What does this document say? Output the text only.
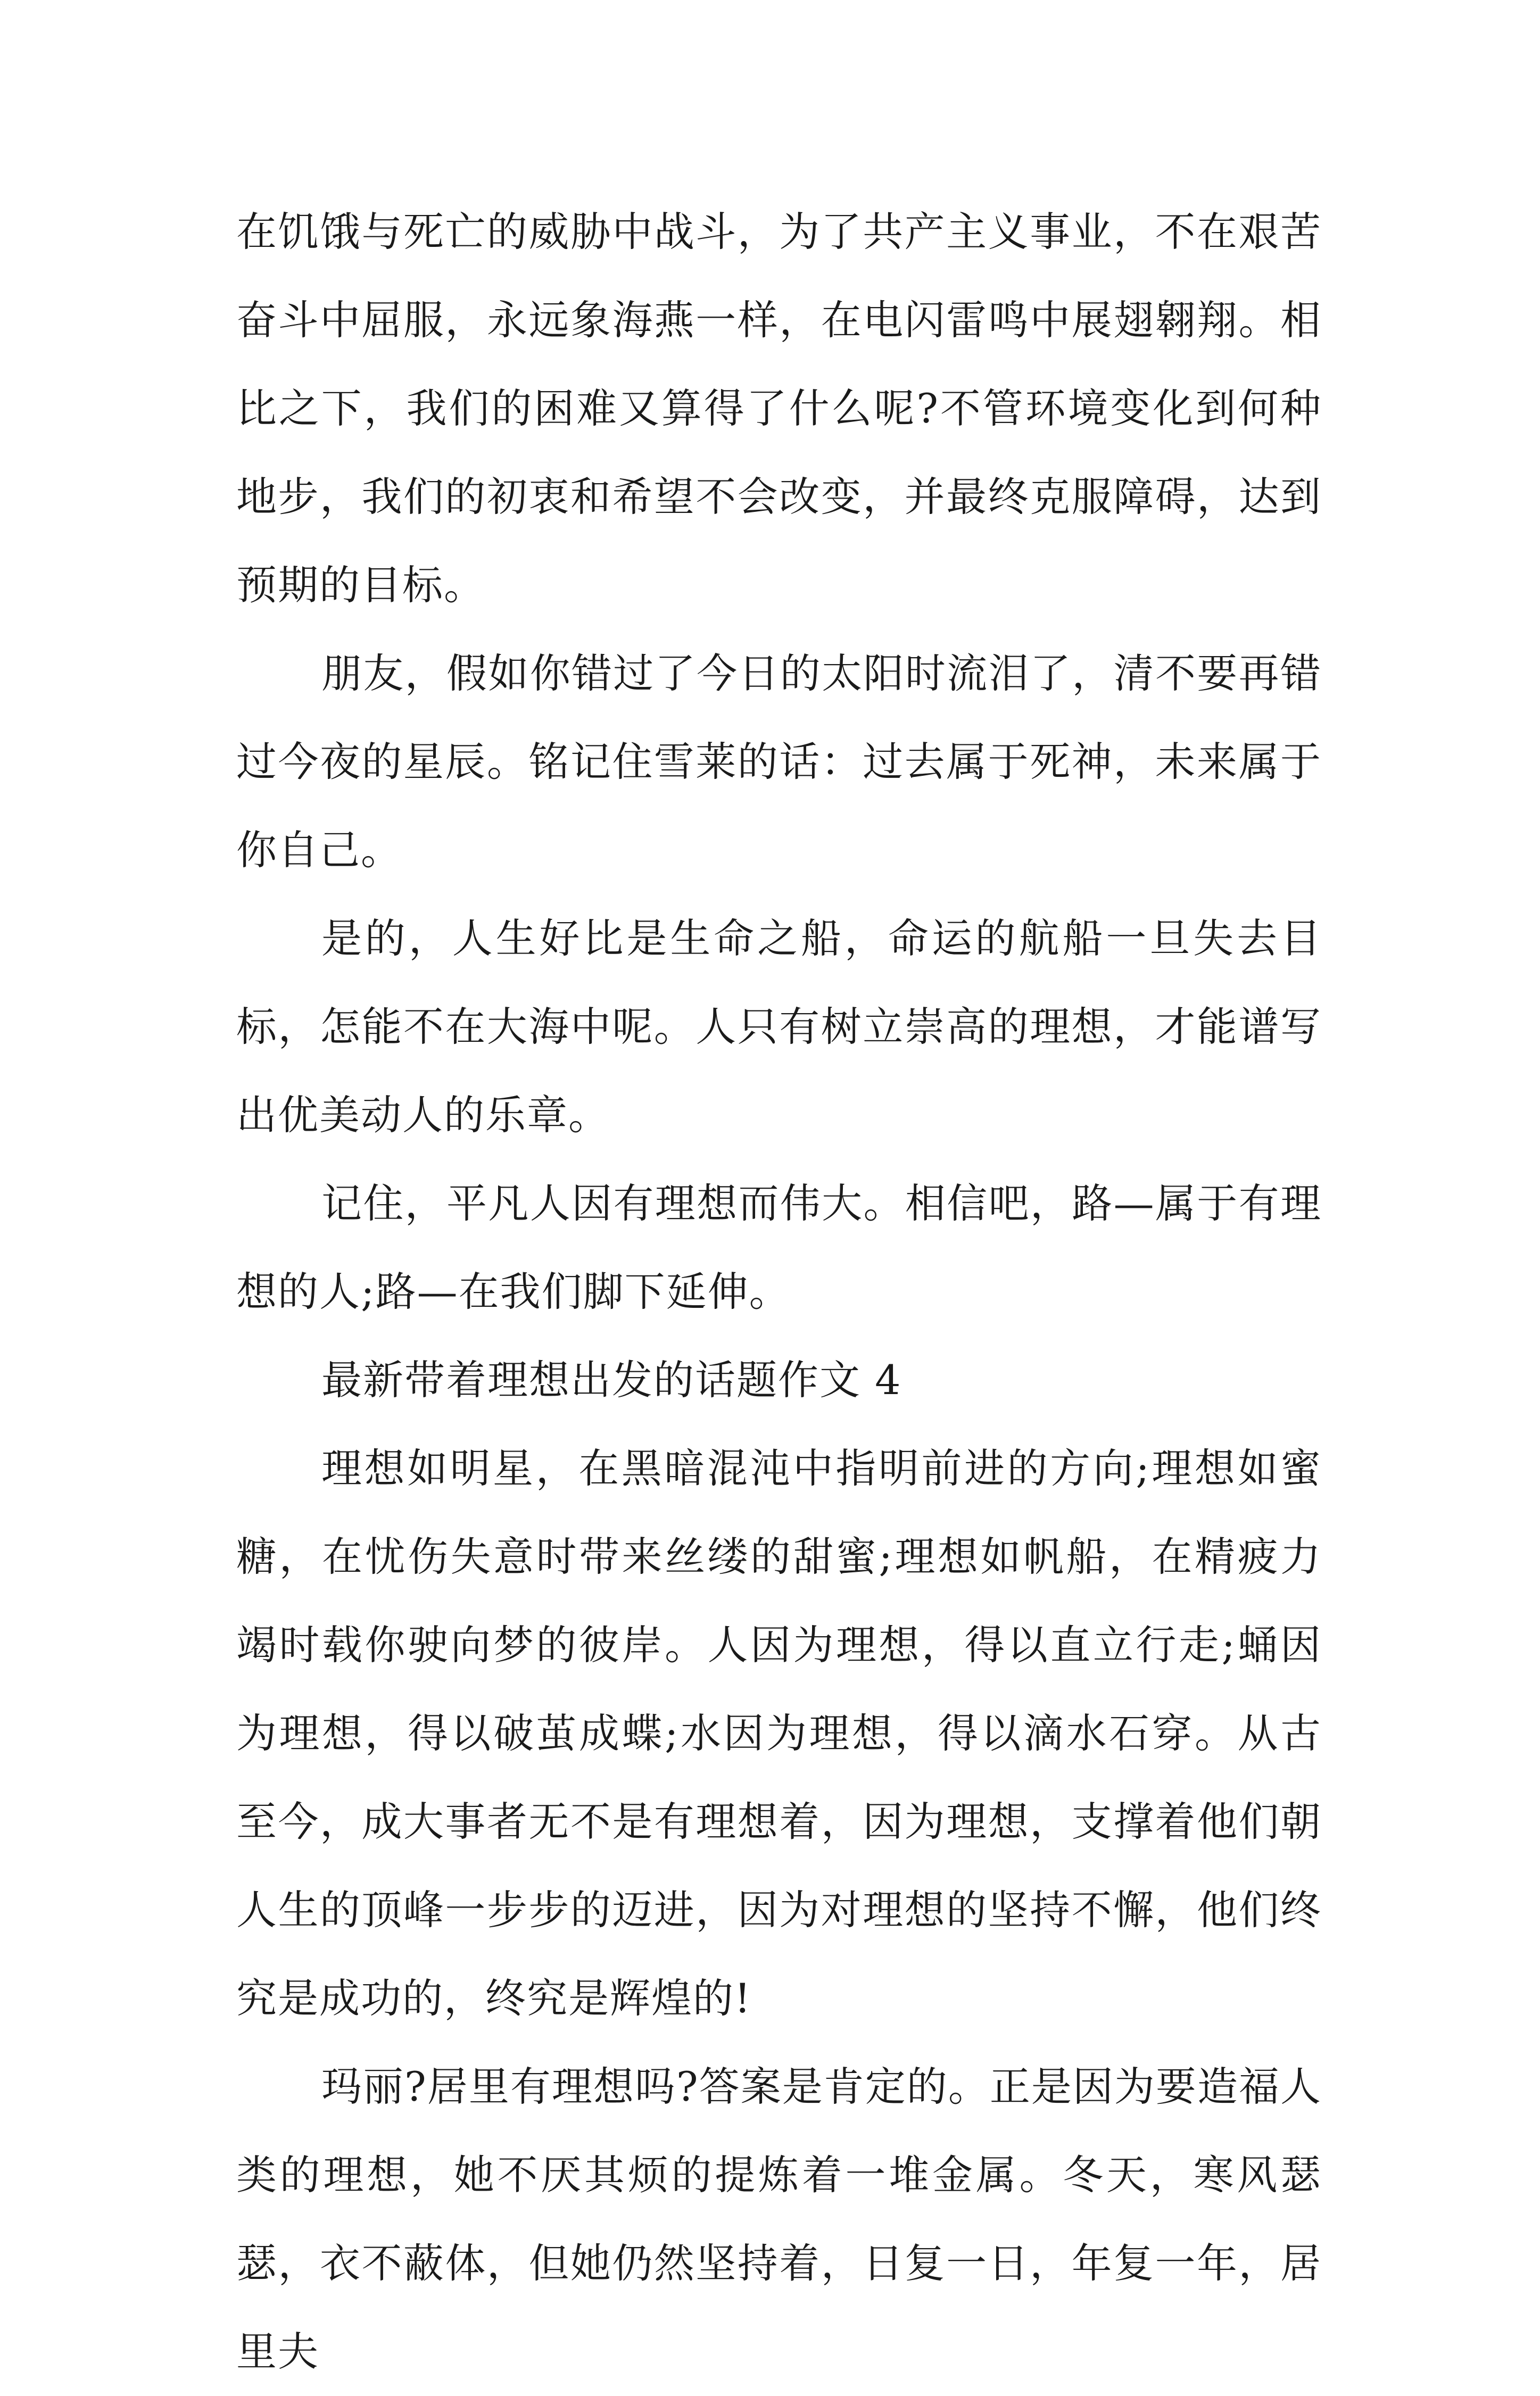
在饥饿与死亡的威胁中战斗，为了共产主义事业，不在艰苦奋斗中屈服，永远象海燕一样，在电闪雷鸣中展翅翱翔。相比之下，我们的困难又算得了什么呢?不管环境变化到何种地步，我们的初衷和希望不会改变，并最终克服障碍，达到预期的目标。

朋友，假如你错过了今日的太阳时流泪了，清不要再错过今夜的星辰。铭记住雪莱的话：过去属于死神，未来属于你自己。

是的，人生好比是生命之船，命运的航船一旦失去目标，怎能不在大海中呢。人只有树立崇高的理想，才能谱写出优美动人的乐章。

记住，平凡人因有理想而伟大。相信吧，路—属于有理想的人;路—在我们脚下延伸。

最新带着理想出发的话题作文 4

理想如明星，在黑暗混沌中指明前进的方向;理想如蜜糖，在忧伤失意时带来丝缕的甜蜜;理想如帆船，在精疲力竭时载你驶向梦的彼岸。人因为理想，得以直立行走;蛹因为理想，得以破茧成蝶;水因为理想，得以滴水石穿。从古至今，成大事者无不是有理想着，因为理想，支撑着他们朝人生的顶峰一步步的迈进，因为对理想的坚持不懈，他们终究是成功的，终究是辉煌的!

玛丽?居里有理想吗?答案是肯定的。正是因为要造福人类的理想，她不厌其烦的提炼着一堆金属。冬天，寒风瑟瑟，衣不蔽体，但她仍然坚持着，日复一日，年复一年，居里夫
